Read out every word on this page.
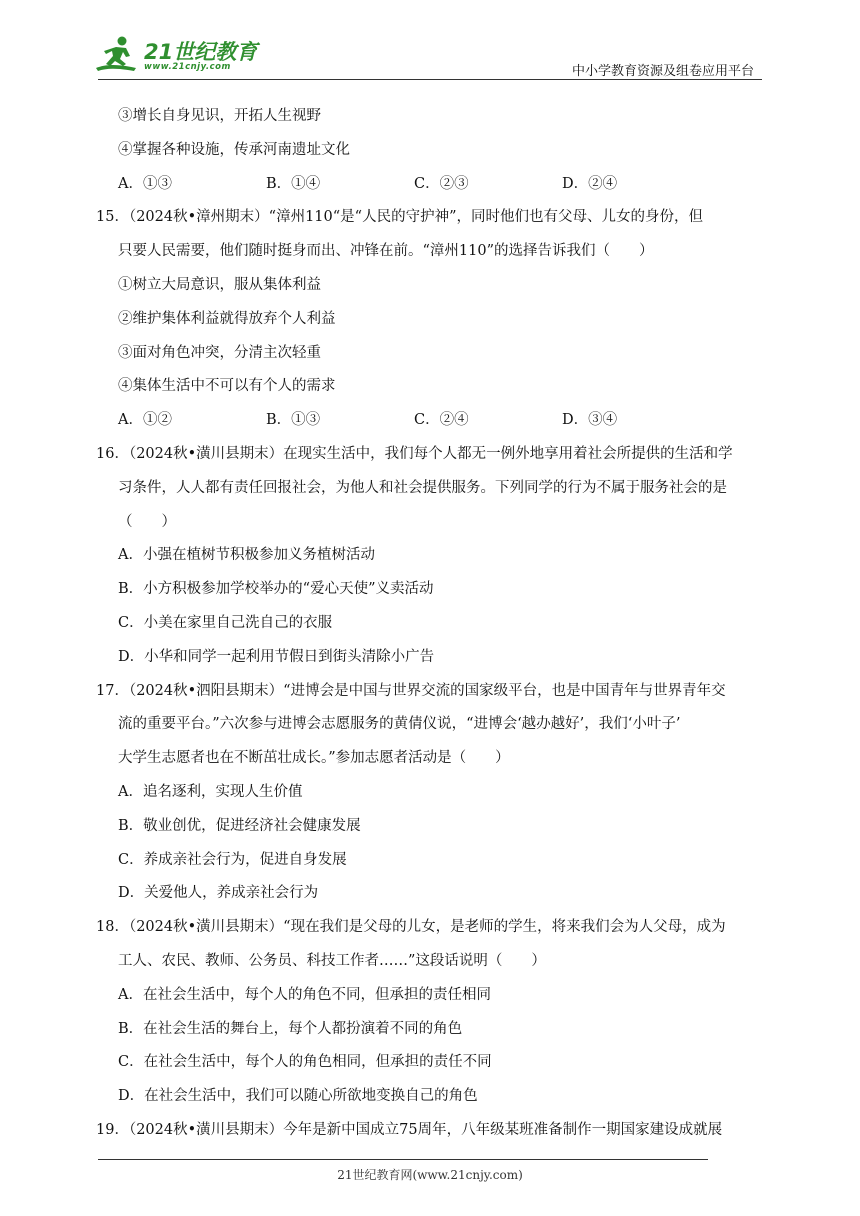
21世纪教育
www.21cnjy.com	中小学教育资源及组卷应用平台
③增长自身见识，开拓人生视野
④掌握各种设施，传承河南遗址文化
A．①③	B．①④	C．②③	D．②④
15．（2024秋•漳州期末）“漳州110“是“人民的守护神”，同时他们也有父母、儿女的身份，但
只要人民需要，他们随时挺身而出、冲锋在前。“漳州110”的选择告诉我们（　　）
①树立大局意识，服从集体利益
②维护集体利益就得放弃个人利益
③面对角色冲突，分清主次轻重
④集体生活中不可以有个人的需求
A．①②	B．①③	C．②④	D．③④
16．（2024秋•潢川县期末）在现实生活中，我们每个人都无一例外地享用着社会所提供的生活和学
习条件，人人都有责任回报社会，为他人和社会提供服务。下列同学的行为不属于服务社会的是
（　　）
A．小强在植树节积极参加义务植树活动
B．小方积极参加学校举办的“爱心天使”义卖活动
C．小美在家里自己洗自己的衣服
D．小华和同学一起利用节假日到街头清除小广告
17．（2024秋•泗阳县期末）“进博会是中国与世界交流的国家级平台，也是中国青年与世界青年交
流的重要平台。”六次参与进博会志愿服务的黄倩仪说，“进博会‘越办越好’，我们‘小叶子’
大学生志愿者也在不断茁壮成长。”参加志愿者活动是（　　）
A．追名逐利，实现人生价值
B．敬业创优，促进经济社会健康发展
C．养成亲社会行为，促进自身发展
D．关爱他人，养成亲社会行为
18．（2024秋•潢川县期末）“现在我们是父母的儿女，是老师的学生，将来我们会为人父母，成为
工人、农民、教师、公务员、科技工作者……”这段话说明（　　）
A．在社会生活中，每个人的角色不同，但承担的责任相同
B．在社会生活的舞台上，每个人都扮演着不同的角色
C．在社会生活中，每个人的角色相同，但承担的责任不同
D．在社会生活中，我们可以随心所欲地变换自己的角色
19．（2024秋•潢川县期末）今年是新中国成立75周年，八年级某班准备制作一期国家建设成就展
21世纪教育网(www.21cnjy.com)
